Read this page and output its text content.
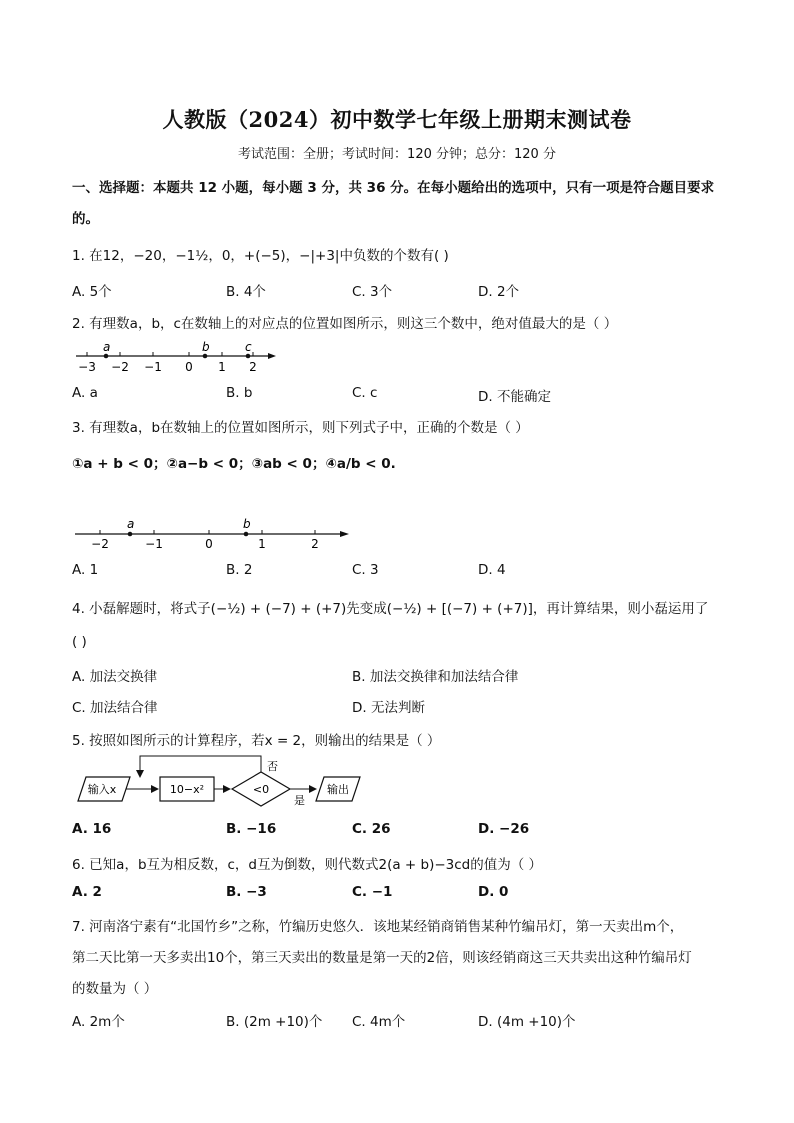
人教版（2024）初中数学七年级上册期末测试卷
考试范围：全册；考试时间：120 分钟；总分：120 分
一、选择题：本题共 12 小题，每小题 3 分，共 36 分。在每小题给出的选项中，只有一项是符合题目要求
的。
1. 在12，−20，−1½，0，+(−5)，−|+3|中负数的个数有( )
A. 5个	B. 4个	C. 3个	D. 2个
2. 有理数a，b，c在数轴上的对应点的位置如图所示，则这三个数中，绝对值最大的是（ ）
a	b	c
−3 −2 −1 0 1 2
A. a	B. b	C. c	D. 不能确定
3. 有理数a，b在数轴上的位置如图所示，则下列式子中，正确的个数是（ ）
①a + b < 0；②a−b < 0；③ab < 0；④a/b < 0.
a	b
−2	−1	0	1	2
A. 1	B. 2	C. 3	D. 4
4. 小磊解题时，将式子(−½) + (−7) + (+7)先变成(−½) + [(−7) + (+7)]，再计算结果，则小磊运用了
( )
A. 加法交换律	B. 加法交换律和加法结合律
C. 加法结合律	D. 无法判断
5. 按照如图所示的计算程序，若x = 2，则输出的结果是（ ）
输入x	10−x²	<0
否
是
输出
A. 16	B. −16	C. 26	D. −26
6. 已知a，b互为相反数，c，d互为倒数，则代数式2(a + b)−3cd的值为（ ）
A. 2	B. −3	C. −1	D. 0
7. 河南洛宁素有“北国竹乡”之称，竹编历史悠久．该地某经销商销售某种竹编吊灯，第一天卖出m个，
第二天比第一天多卖出10个，第三天卖出的数量是第一天的2倍，则该经销商这三天共卖出这种竹编吊灯
的数量为（ ）
A. 2m个	B. (2m +10)个 C. 4m个	D. (4m +10)个
